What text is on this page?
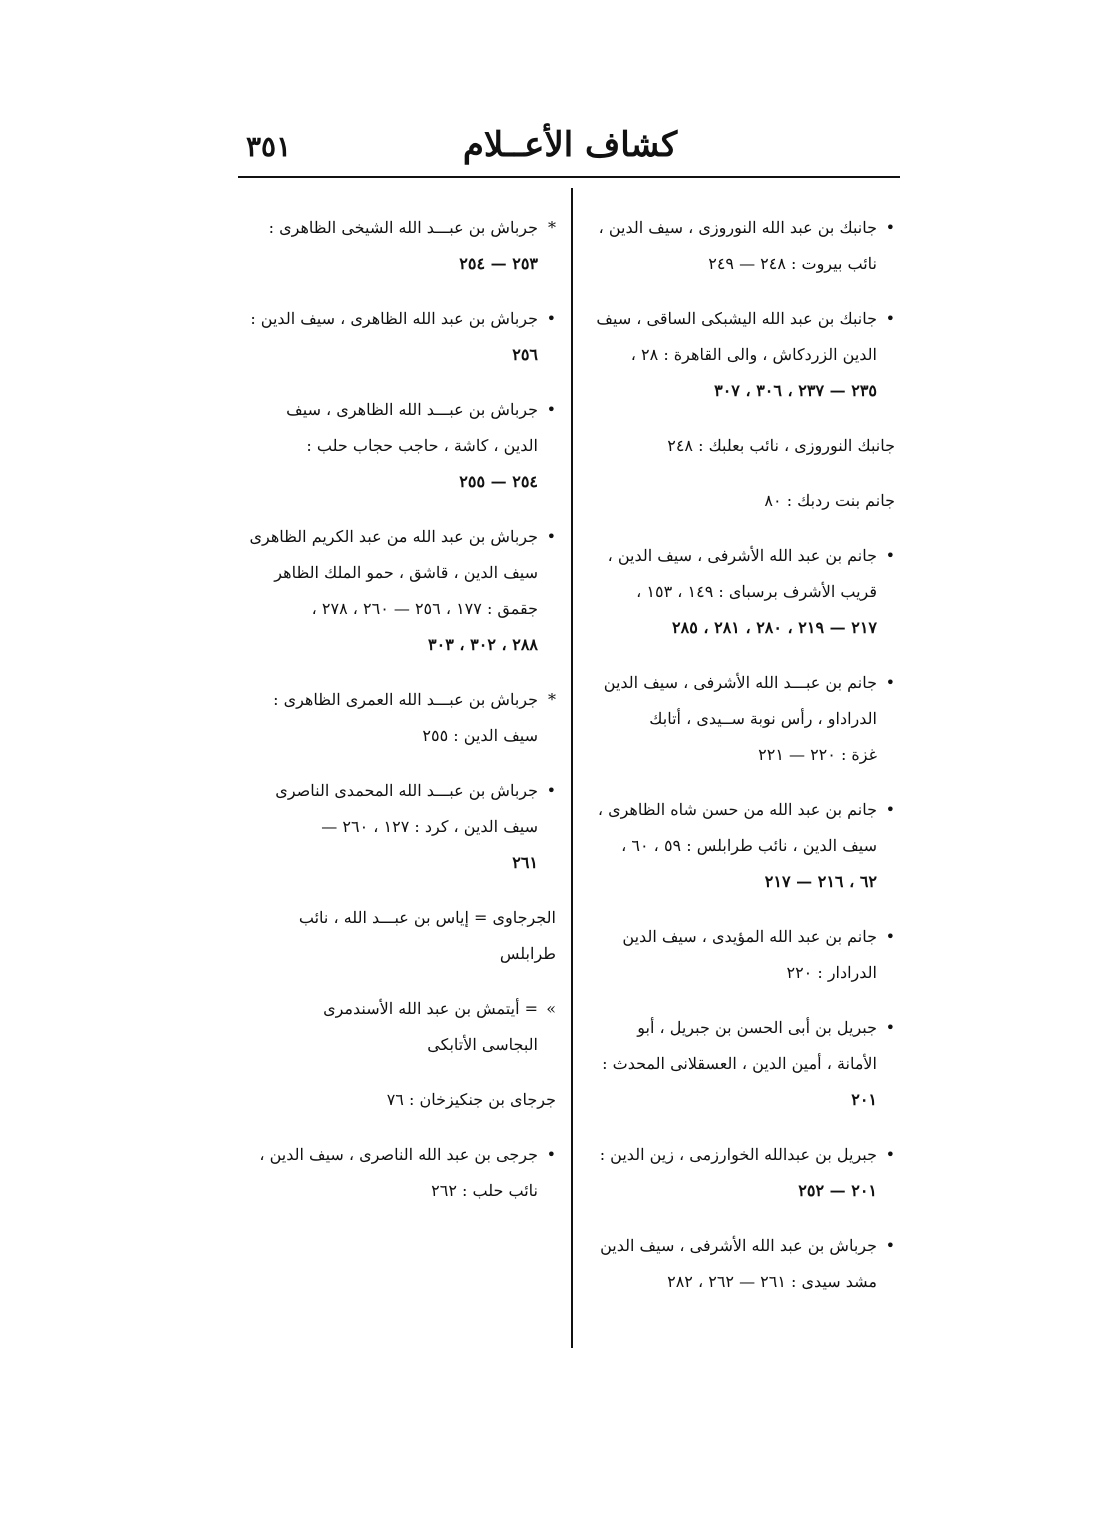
كشاف الأعــلام
٣٥١
•
جانبك بن عبد الله النوروزى ، سيف الدين ،
نائب بيروت : ٢٤٨ — ٢٤٩
•
جانبك بن عبد الله اليشبكى الساقى ، سيف
الدين الزردكاش ، والى القاهرة : ٢٨ ،
٢٣٥ — ٢٣٧ ، ٣٠٦ ، ٣٠٧
جانبك النوروزى ، نائب بعلبك : ٢٤٨
جانم بنت ردبك : ٨٠
•
جانم بن عبد الله الأشرفى ، سيف الدين ،
قريب الأشرف برسباى : ١٤٩ ، ١٥٣ ،
٢١٧ — ٢١٩ ، ٢٨٠ ، ٢٨١ ، ٢٨٥
•
جانم بن عبـــد الله الأشرفى ، سيف الدين
الدراداو ، رأس نوبة ســيدى ، أتابك
غزة : ٢٢٠ — ٢٢١
•
جانم بن عبد الله من حسن شاه الظاهرى ،
سيف الدين ، نائب طرابلس : ٥٩ ، ٦٠ ،
٦٢ ، ٢١٦ — ٢١٧
•
جانم بن عبد الله المؤيدى ، سيف الدين
الدرادار : ٢٢٠
•
جبريل بن أبى الحسن بن جبريل ، أبو
الأمانة ، أمين الدين ، العسقلانى المحدث :
٢٠١
•
جبريل بن عبدالله الخوارزمى ، زين الدين :
٢٠١ — ٢٥٢
•
جرباش بن عبد الله الأشرفى ، سيف الدين
مشد سيدى : ٢٦١ — ٢٦٢ ، ٢٨٢
*
جرباش بن عبـــد الله الشيخى الظاهرى :
٢٥٣ — ٢٥٤
•
جرباش بن عبد الله الظاهرى ، سيف الدين :
٢٥٦
•
جرباش بن عبـــد الله الظاهرى ، سيف
الدين ، كاشة ، حاجب حجاب حلب :
٢٥٤ — ٢٥٥
•
جرباش بن عبد الله من عبد الكريم الظاهرى
سيف الدين ، قاشق ، حمو الملك الظاهر
جقمق : ١٧٧ ، ٢٥٦ — ٢٦٠ ، ٢٧٨ ،
٢٨٨ ، ٣٠٢ ، ٣٠٣
*
جرباش بن عبـــد الله العمرى الظاهرى :
سيف الدين : ٢٥٥
•
جرباش بن عبـــد الله المحمدى الناصرى
سيف الدين ، كرد : ١٢٧ ، ٢٦٠ —
٢٦١
الجرجاوى = إياس بن عبـــد الله ، نائب
طرابلس
»
= أيتمش بن عبد الله الأسندمرى
البجاسى الأتابكى
جرجاى بن جنكيزخان : ٧٦
•
جرجى بن عبد الله الناصرى ، سيف الدين ،
نائب حلب : ٢٦٢
